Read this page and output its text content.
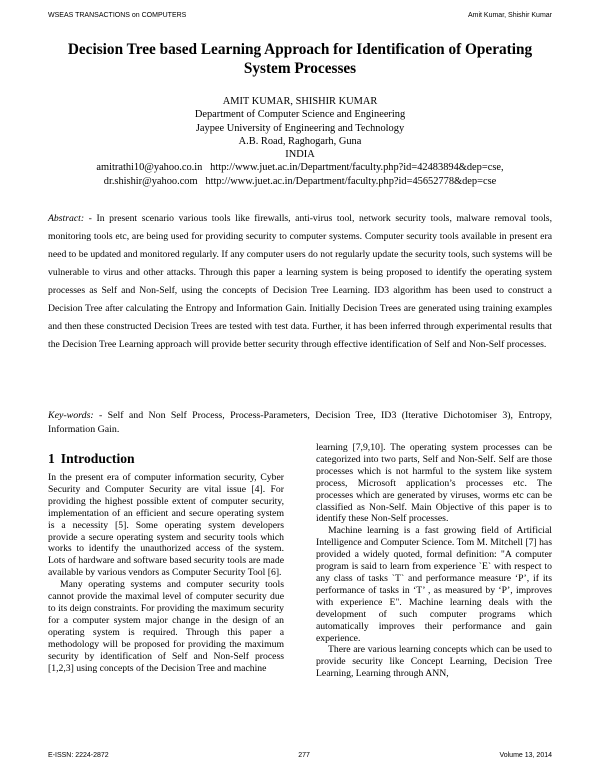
WSEAS TRANSACTIONS on COMPUTERS	Amit Kumar, Shishir Kumar
Decision Tree based Learning Approach for Identification of Operating System Processes
AMIT KUMAR, SHISHIR KUMAR
Department of Computer Science and Engineering
Jaypee University of Engineering and Technology
A.B. Road, Raghogarh, Guna
INDIA
amitrathi10@yahoo.co.in   http://www.juet.ac.in/Department/faculty.php?id=42483894&dep=cse,
dr.shishir@yahoo.com   http://www.juet.ac.in/Department/faculty.php?id=45652778&dep=cse
Abstract: - In present scenario various tools like firewalls, anti-virus tool, network security tools, malware removal tools, monitoring tools etc, are being used for providing security to computer systems. Computer security tools available in present era need to be updated and monitored regularly. If any computer users do not regularly update the security tools, such systems will be vulnerable to virus and other attacks. Through this paper a learning system is being proposed to identify the operating system processes as Self and Non-Self, using the concepts of Decision Tree Learning. ID3 algorithm has been used to construct a Decision Tree after calculating the Entropy and Information Gain. Initially Decision Trees are generated using training examples and then these constructed Decision Trees are tested with test data. Further, it has been inferred through experimental results that the Decision Tree Learning approach will provide better security through effective identification of Self and Non-Self processes.
Key-words: - Self and Non Self Process, Process-Parameters, Decision Tree, ID3 (Iterative Dichotomiser 3), Entropy, Information Gain.
1 Introduction

In the present era of computer information security, Cyber Security and Computer Security are vital issue [4]. For providing the highest possible extent of computer security, implementation of an efficient and secure operating system is a necessity [5]. Some operating system developers provide a secure operating system and security tools which works to identify the unauthorized access of the system. Lots of hardware and software based security tools are made available by various vendors as Computer Security Tool [6].

Many operating systems and computer security tools cannot provide the maximal level of computer security due to its deign constraints. For providing the maximum security for a computer system major change in the design of an operating system is required. Through this paper a methodology will be proposed for providing the maximum security by identification of Self and Non-Self process [1,2,3] using concepts of the Decision Tree and machine

learning [7,9,10]. The operating system processes can be categorized into two parts, Self and Non-Self. Self are those processes which is not harmful to the system like system process, Microsoft application’s processes etc. The processes which are generated by viruses, worms etc can be classified as Non-Self. Main Objective of this paper is to identify these Non-Self processes.

Machine learning is a fast growing field of Artificial Intelligence and Computer Science. Tom M. Mitchell [7] has provided a widely quoted, formal definition: "A computer program is said to learn from experience `E` with respect to any class of tasks `T` and performance measure ‘P’, if its performance of tasks in ‘T’ , as measured by ‘P’, improves with experience E". Machine learning deals with the development of such computer programs which automatically improves their performance and gain experience.

There are various learning concepts which can be used to provide security like Concept Learning, Decision Tree Learning, Learning through ANN,

E-ISSN: 2224-2872	277	Volume 13, 2014
